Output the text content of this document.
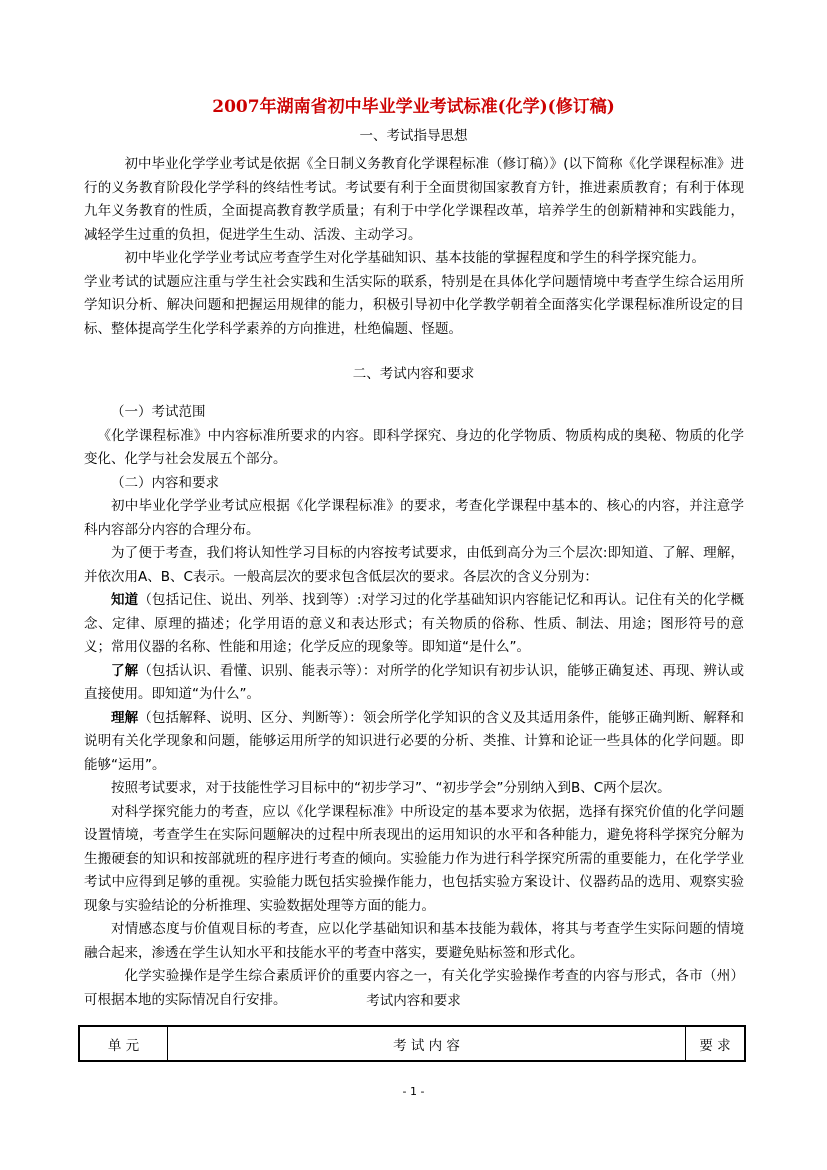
2007年湖南省初中毕业学业考试标准(化学)(修订稿)
一、考试指导思想

初中毕业化学学业考试是依据《全日制义务教育化学课程标准（修订稿）》(以下简称《化学课程标准》进行的义务教育阶段化学学科的终结性考试。考试要有利于全面贯彻国家教育方针，推进素质教育；有利于体现九年义务教育的性质，全面提高教育教学质量；有利于中学化学课程改革，培养学生的创新精神和实践能力，减轻学生过重的负担，促进学生生动、活泼、主动学习。

初中毕业化学学业考试应考查学生对化学基础知识、基本技能的掌握程度和学生的科学探究能力。

学业考试的试题应注重与学生社会实践和生活实际的联系，特别是在具体化学问题情境中考查学生综合运用所学知识分析、解决问题和把握运用规律的能力，积极引导初中化学教学朝着全面落实化学课程标准所设定的目标、整体提高学生化学科学素养的方向推进，杜绝偏题、怪题。

二、考试内容和要求

（一）考试范围

《化学课程标准》中内容标准所要求的内容。即科学探究、身边的化学物质、物质构成的奥秘、物质的化学变化、化学与社会发展五个部分。

（二）内容和要求

初中毕业化学学业考试应根据《化学课程标准》的要求，考查化学课程中基本的、核心的内容，并注意学科内容部分内容的合理分布。

为了便于考查，我们将认知性学习目标的内容按考试要求，由低到高分为三个层次:即知道、了解、理解，并依次用A、B、C表示。一般高层次的要求包含低层次的要求。各层次的含义分别为：

知道（包括记住、说出、列举、找到等）:对学习过的化学基础知识内容能记忆和再认。记住有关的化学概念、定律、原理的描述；化学用语的意义和表达形式；有关物质的俗称、性质、制法、用途；图形符号的意义；常用仪器的名称、性能和用途；化学反应的现象等。即知道“是什么”。

了解（包括认识、看懂、识别、能表示等）：对所学的化学知识有初步认识，能够正确复述、再现、辨认或直接使用。即知道“为什么”。

理解（包括解释、说明、区分、判断等）：领会所学化学知识的含义及其适用条件，能够正确判断、解释和说明有关化学现象和问题，能够运用所学的知识进行必要的分析、类推、计算和论证一些具体的化学问题。即能够“运用”。

按照考试要求，对于技能性学习目标中的“初步学习”、“初步学会”分别纳入到B、C两个层次。

对科学探究能力的考查，应以《化学课程标准》中所设定的基本要求为依据，选择有探究价值的化学问题设置情境，考查学生在实际问题解决的过程中所表现出的运用知识的水平和各种能力，避免将科学探究分解为生搬硬套的知识和按部就班的程序进行考查的倾向。实验能力作为进行科学探究所需的重要能力，在化学学业考试中应得到足够的重视。实验能力既包括实验操作能力，也包括实验方案设计、仪器药品的选用、观察实验现象与实验结论的分析推理、实验数据处理等方面的能力。

对情感态度与价值观目标的考查，应以化学基础知识和基本技能为载体，将其与考查学生实际问题的情境融合起来，渗透在学生认知水平和技能水平的考查中落实，要避免贴标签和形式化。

化学实验操作是学生综合素质评价的重要内容之一，有关化学实验操作考查的内容与形式，各市（州）可根据本地的实际情况自行安排。	考试内容和要求
单 元	考 试 内 容	要 求
- 1 -
